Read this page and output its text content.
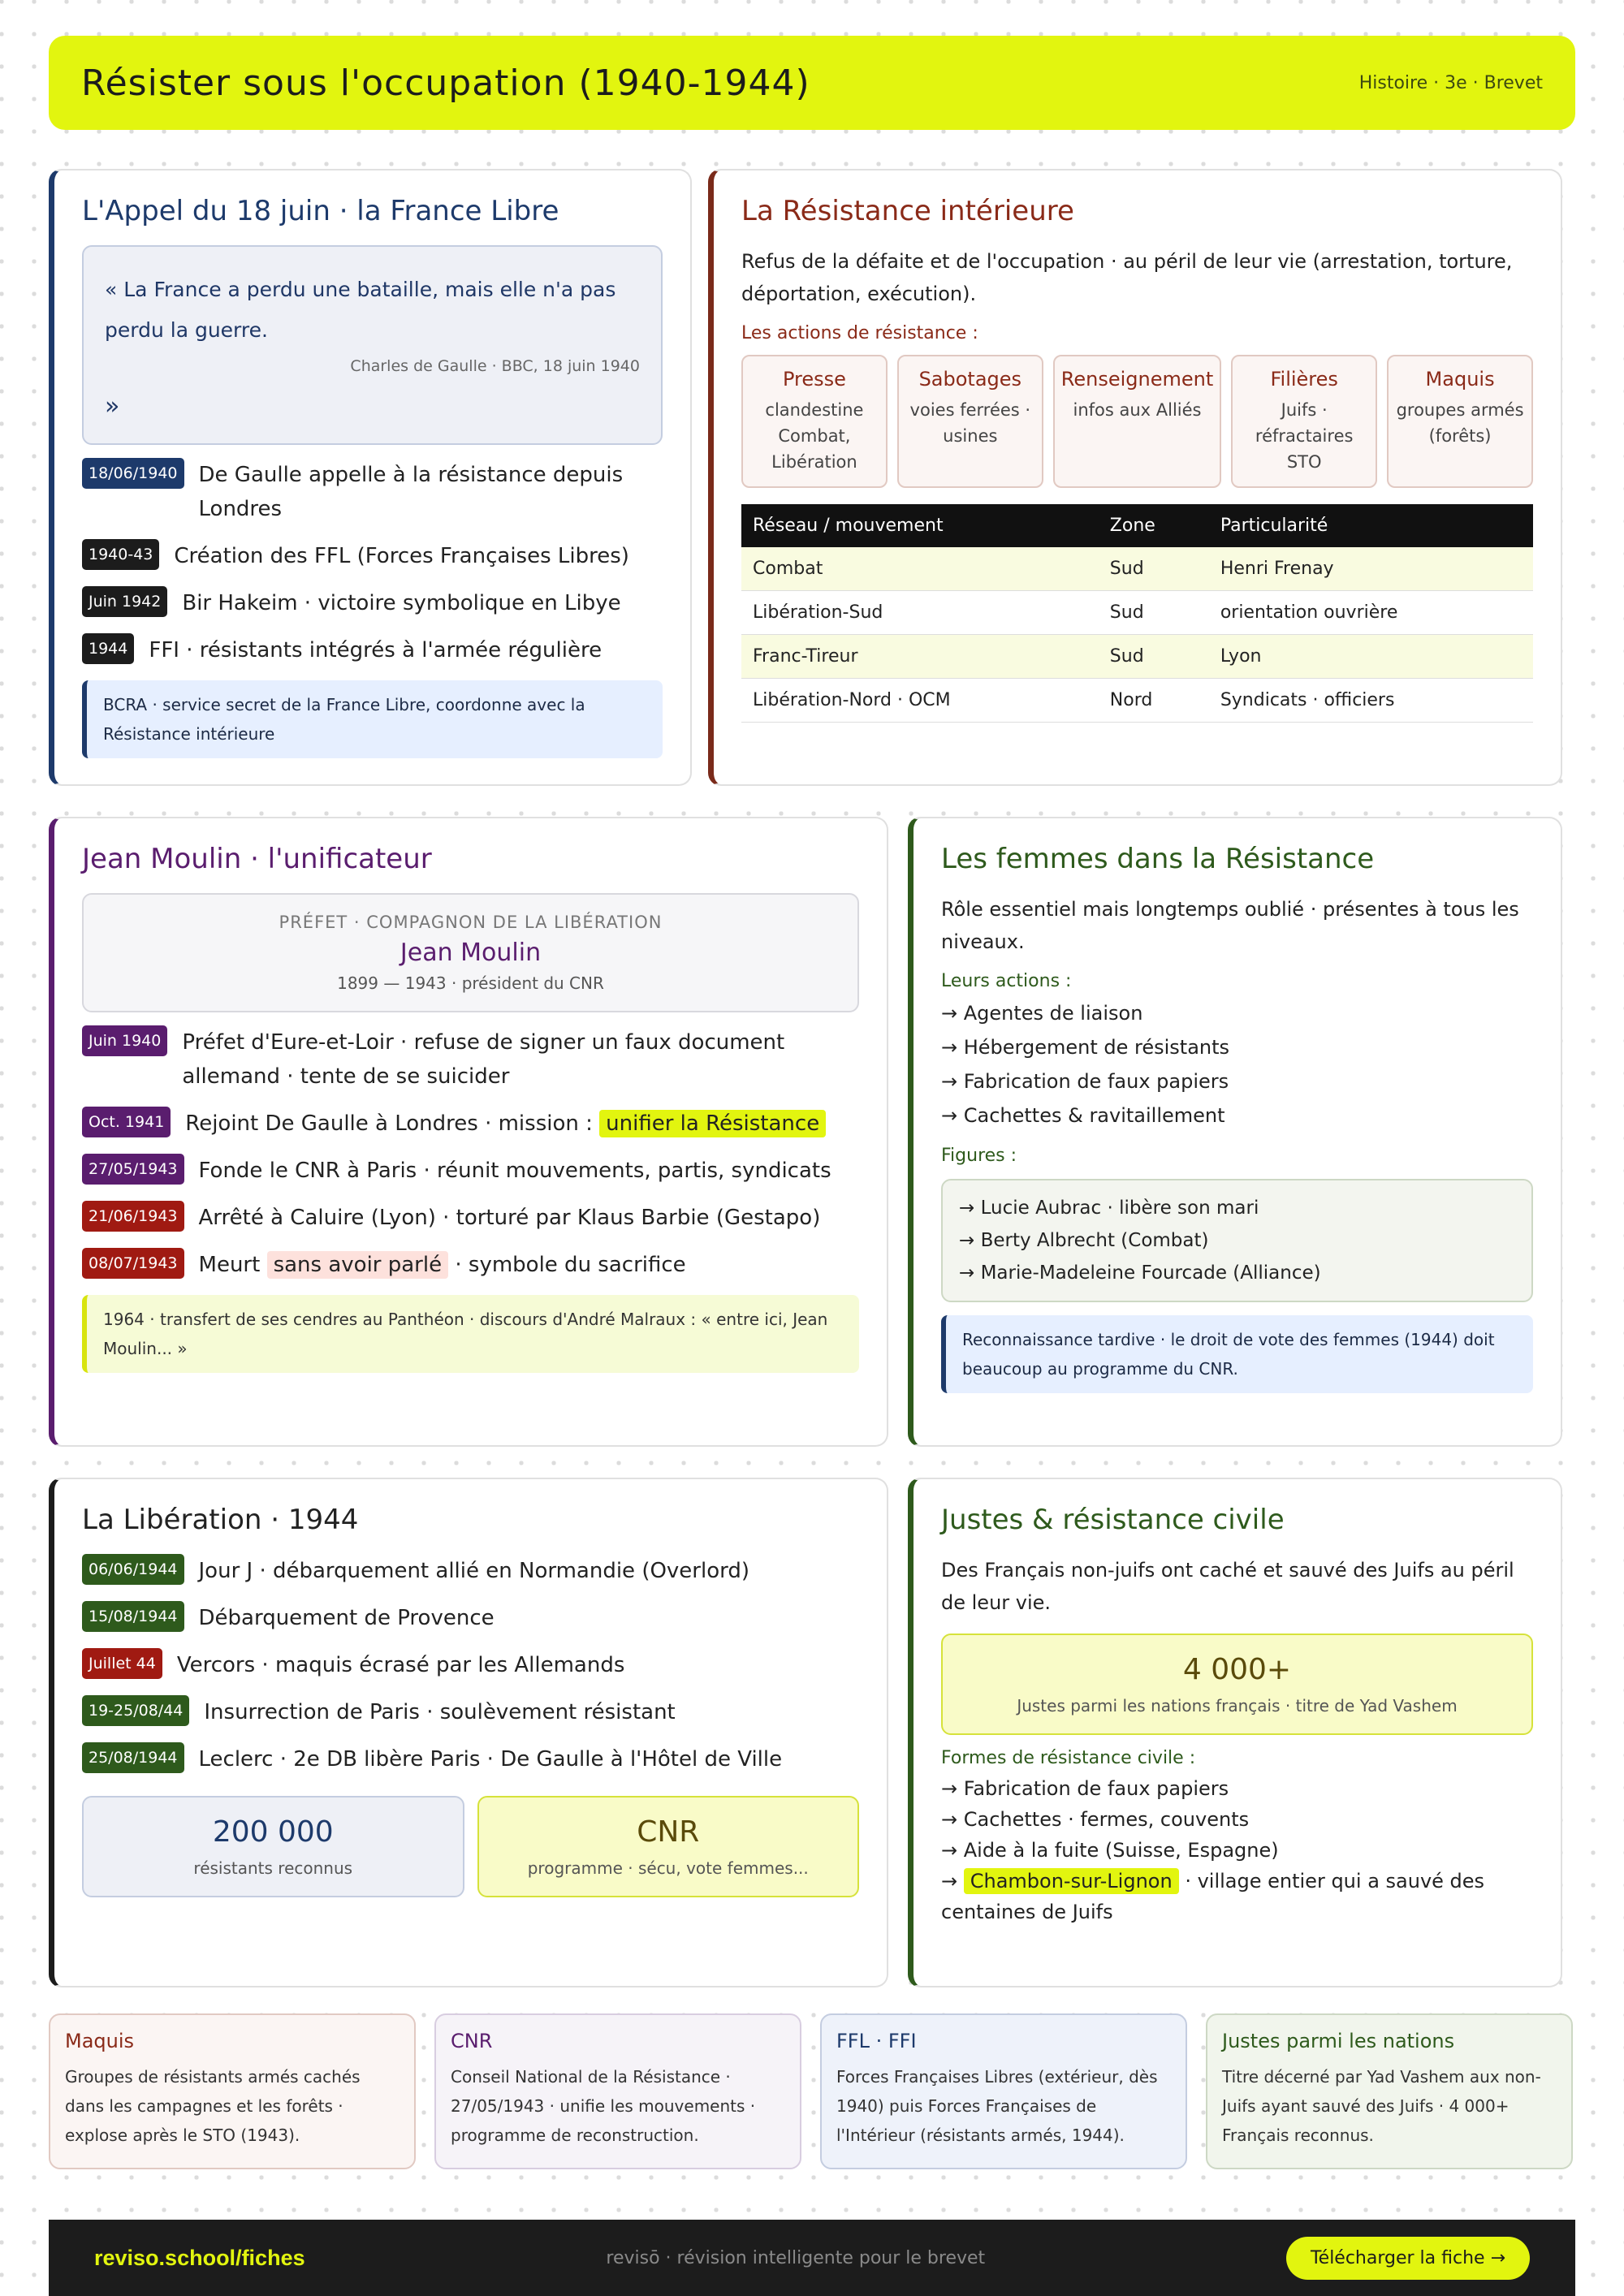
Résister sous l'occupation (1940-1944)	Histoire · 3e · Brevet
L'Appel du 18 juin · la France Libre
« La France a perdu une bataille, mais elle n'a pas perdu la guerre.
Charles de Gaulle · BBC, 18 juin 1940
»
18/06/1940	De Gaulle appelle à la résistance depuis Londres
1940-43	Création des FFL (Forces Françaises Libres)
Juin 1942	Bir Hakeim · victoire symbolique en Libye
1944	FFI · résistants intégrés à l'armée régulière
BCRA · service secret de la France Libre, coordonne avec la Résistance intérieure
La Résistance intérieure
Refus de la défaite et de l'occupation · au péril de leur vie (arrestation, torture, déportation, exécution).
Les actions de résistance :
Presse
clandestine Combat, Libération
Sabotages
voies ferrées · usines
Renseignement
infos aux Alliés
Filières
Juifs · réfractaires STO
Maquis
groupes armés (forêts)
Réseau / mouvement	Zone	Particularité
Combat	Sud	Henri Frenay
Libération-Sud	Sud	orientation ouvrière
Franc-Tireur	Sud	Lyon
Libération-Nord · OCM	Nord	Syndicats · officiers
Jean Moulin · l'unificateur
PRÉFET · COMPAGNON DE LA LIBÉRATION
Jean Moulin
1899 — 1943 · président du CNR
Juin 1940	Préfet d'Eure-et-Loir · refuse de signer un faux document allemand · tente de se suicider
Oct. 1941	Rejoint De Gaulle à Londres · mission : unifier la Résistance
27/05/1943	Fonde le CNR à Paris · réunit mouvements, partis, syndicats
21/06/1943	Arrêté à Caluire (Lyon) · torturé par Klaus Barbie (Gestapo)
08/07/1943	Meurt sans avoir parlé · symbole du sacrifice
1964 · transfert de ses cendres au Panthéon · discours d'André Malraux : « entre ici, Jean Moulin... »
Les femmes dans la Résistance
Rôle essentiel mais longtemps oublié · présentes à tous les niveaux.
Leurs actions :
→ Agentes de liaison
→ Hébergement de résistants
→ Fabrication de faux papiers
→ Cachettes & ravitaillement
Figures :
→ Lucie Aubrac · libère son mari
→ Berty Albrecht (Combat)
→ Marie-Madeleine Fourcade (Alliance)
Reconnaissance tardive · le droit de vote des femmes (1944) doit beaucoup au programme du CNR.
La Libération · 1944
06/06/1944	Jour J · débarquement allié en Normandie (Overlord)
15/08/1944	Débarquement de Provence
Juillet 44	Vercors · maquis écrasé par les Allemands
19-25/08/44	Insurrection de Paris · soulèvement résistant
25/08/1944	Leclerc · 2e DB libère Paris · De Gaulle à l'Hôtel de Ville
200 000
résistants reconnus
CNR
programme · sécu, vote femmes...
Justes & résistance civile
Des Français non-juifs ont caché et sauvé des Juifs au péril de leur vie.
4 000+
Justes parmi les nations français · titre de Yad Vashem
Formes de résistance civile :
→ Fabrication de faux papiers
→ Cachettes · fermes, couvents
→ Aide à la fuite (Suisse, Espagne)
→ Chambon-sur-Lignon · village entier qui a sauvé des centaines de Juifs
Maquis
Groupes de résistants armés cachés dans les campagnes et les forêts · explose après le STO (1943).
CNR
Conseil National de la Résistance · 27/05/1943 · unifie les mouvements · programme de reconstruction.
FFL · FFI
Forces Françaises Libres (extérieur, dès 1940) puis Forces Françaises de l'Intérieur (résistants armés, 1944).
Justes parmi les nations
Titre décerné par Yad Vashem aux non-Juifs ayant sauvé des Juifs · 4 000+ Français reconnus.
reviso.school/fiches	revisō · révision intelligente pour le brevet	Télécharger la fiche →
